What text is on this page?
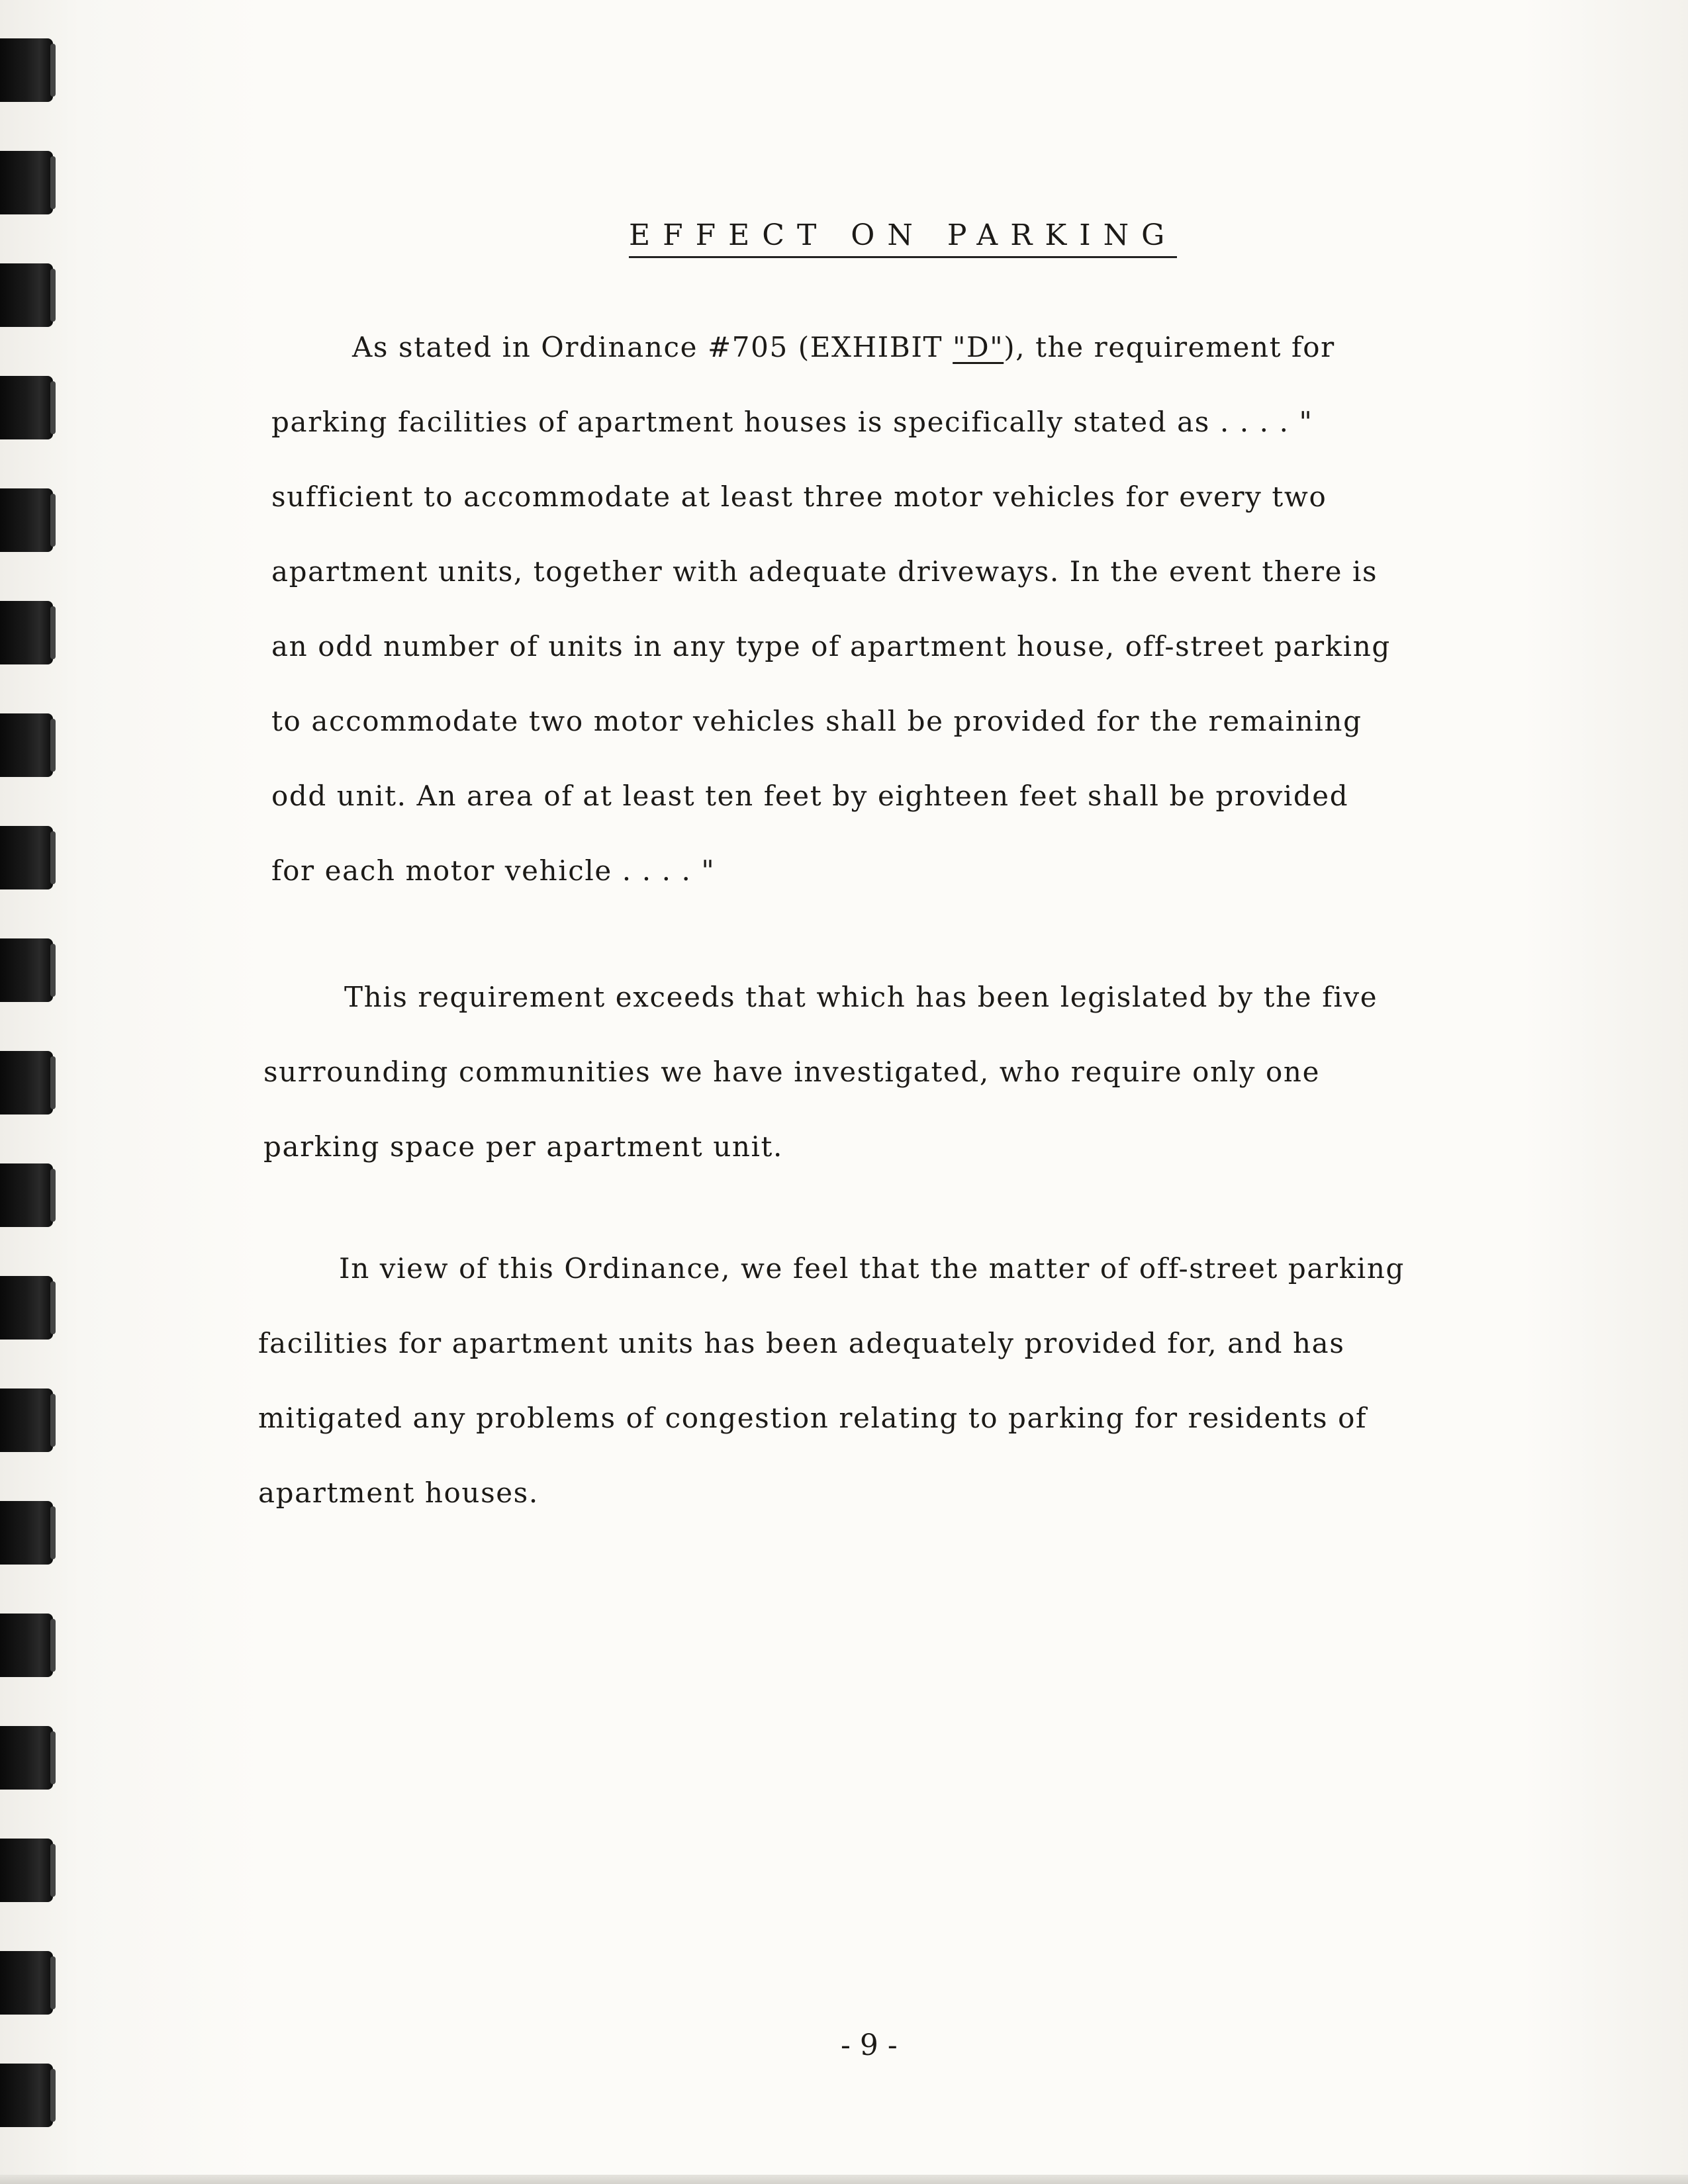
EFFECT ON PARKING
As stated in Ordinance #705 (EXHIBIT "D"), the requirement for
parking facilities of apartment houses is specifically stated as . . . . "
sufficient to accommodate at least three motor vehicles for every two
apartment units, together with adequate driveways. In the event there is
an odd number of units in any type of apartment house, off-street parking
to accommodate two motor vehicles shall be provided for the remaining
odd unit. An area of at least ten feet by eighteen feet shall be provided
for each motor vehicle . . . . "
This requirement exceeds that which has been legislated by the five
surrounding communities we have investigated, who require only one
parking space per apartment unit.
In view of this Ordinance, we feel that the matter of off-street parking
facilities for apartment units has been adequately provided for, and has
mitigated any problems of congestion relating to parking for residents of
apartment houses.
- 9 -
